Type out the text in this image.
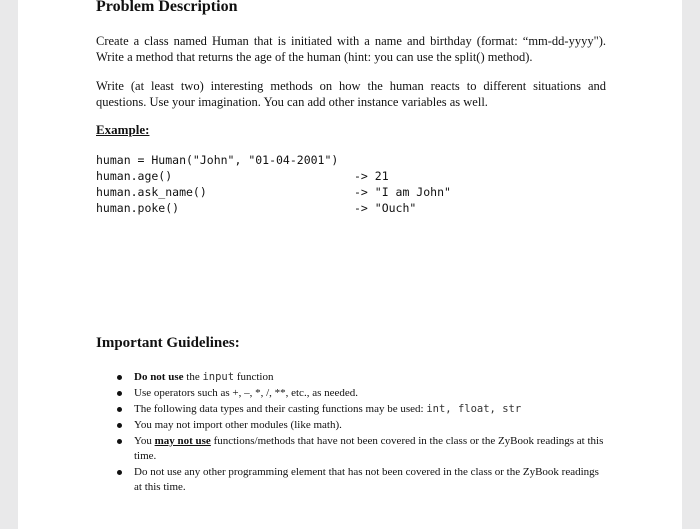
Problem Description
Create a class named Human that is initiated with a name and birthday (format: “mm-dd-yyyy"). Write a method that returns the age of the human (hint: you can use the split() method).
Write (at least two) interesting methods on how the human reacts to different situations and questions. Use your imagination. You can add other instance variables as well.
Example:
human = Human("John", "01-04-2001")
human.age()
human.ask_name()
human.poke()
-> 21
-> "I am John"
-> "Ouch"
Important Guidelines:
Do not use the input function
Use operators such as +, –, *, /, **, etc., as needed.
The following data types and their casting functions may be used: int, float, str
You may not import other modules (like math).
You may not use functions/methods that have not been covered in the class or the ZyBook readings at this time.
Do not use any other programming element that has not been covered in the class or the ZyBook readings at this time.
